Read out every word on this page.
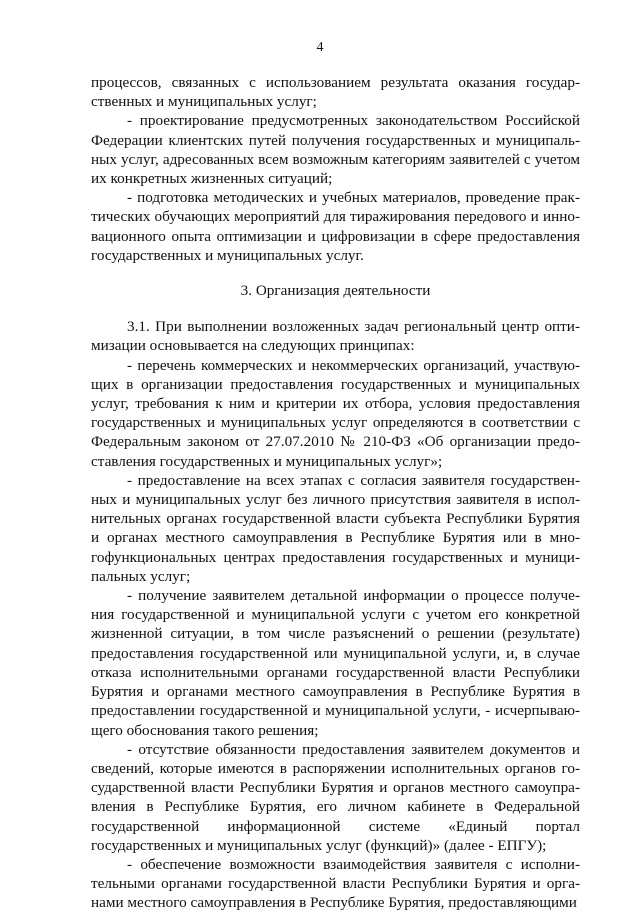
4

процессов, связанных с использованием результата оказания государственных и муниципальных услуг;

- проектирование предусмотренных законодательством Российской Федерации клиентских путей получения государственных и муниципальных услуг, адресованных всем возможным категориям заявителей с учетом их конкретных жизненных ситуаций;

- подготовка методических и учебных материалов, проведение практических обучающих мероприятий для тиражирования передового и инновационного опыта оптимизации и цифровизации в сфере предоставления государственных и муниципальных услуг.

3. Организация деятельности

3.1. При выполнении возложенных задач региональный центр оптимизации основывается на следующих принципах:

- перечень коммерческих и некоммерческих организаций, участвующих в организации предоставления государственных и муниципальных услуг, требования к ним и критерии их отбора, условия предоставления государственных и муниципальных услуг определяются в соответствии с Федеральным законом от 27.07.2010 № 210-ФЗ «Об организации предоставления государственных и муниципальных услуг»;

- предоставление на всех этапах с согласия заявителя государственных и муниципальных услуг без личного присутствия заявителя в исполнительных органах государственной власти субъекта Республики Бурятия и органах местного самоуправления в Республике Бурятия или в многофункциональных центрах предоставления государственных и муниципальных услуг;

- получение заявителем детальной информации о процессе получения государственной и муниципальной услуги с учетом его конкретной жизненной ситуации, в том числе разъяснений о решении (результате) предоставления государственной или муниципальной услуги, и, в случае отказа исполнительными органами государственной власти Республики Бурятия и органами местного самоуправления в Республике Бурятия в предоставлении государственной и муниципальной услуги, - исчерпывающего обоснования такого решения;

- отсутствие обязанности предоставления заявителем документов и сведений, которые имеются в распоряжении исполнительных органов государственной власти Республики Бурятия и органов местного самоуправления в Республике Бурятия, его личном кабинете в Федеральной государственной информационной системе «Единый портал государственных и муниципальных услуг (функций)» (далее - ЕПГУ);

- обеспечение возможности взаимодействия заявителя с исполнительными органами государственной власти Республики Бурятия и органами местного самоуправления в Республике Бурятия, предоставляющими
